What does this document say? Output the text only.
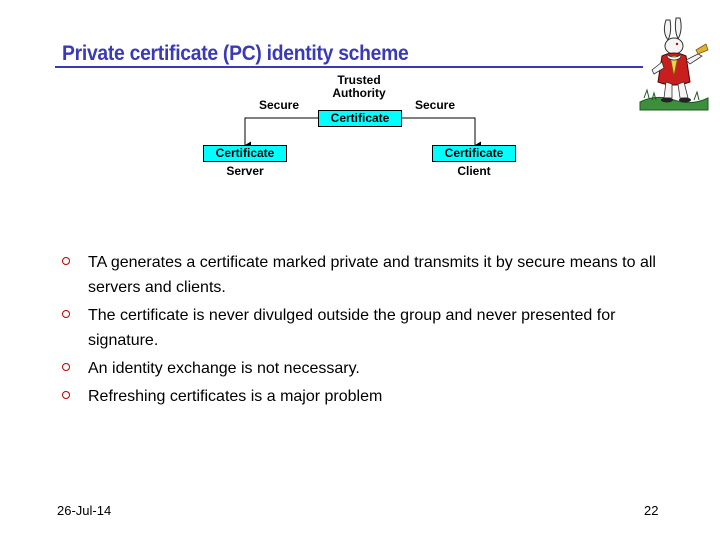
Private certificate (PC) identity scheme
Trusted
Authority
Certificate
Secure	Secure
Certificate
Server
Certificate
Client
TA generates a certificate marked private and transmits it by secure means to all servers and clients.
The certificate is never divulged outside the group and never presented for signature.
An identity exchange is not necessary.
Refreshing certificates is a major problem
26-Jul-14	22
